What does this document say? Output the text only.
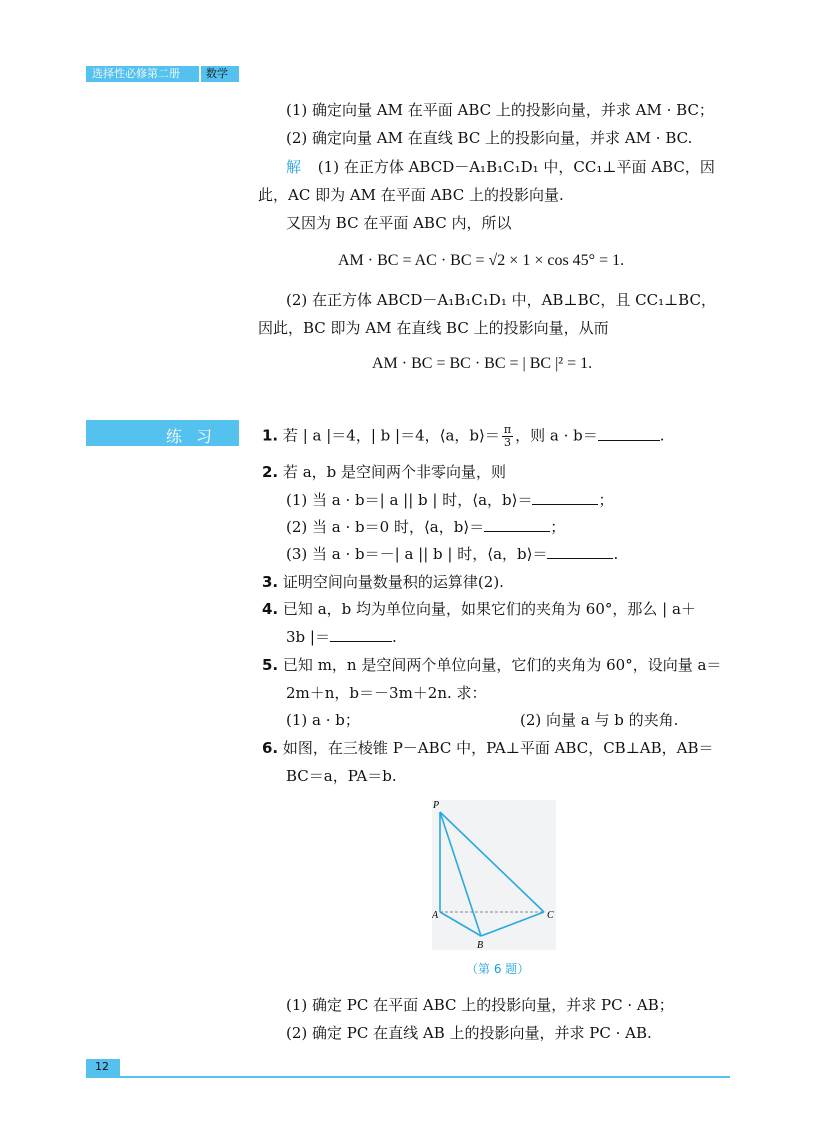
选择性必修第二册 数学
(1) 确定向量 AM 在平面 ABC 上的投影向量，并求 AM · BC；
(2) 确定向量 AM 在直线 BC 上的投影向量，并求 AM · BC.
解 (1) 在正方体 ABCD－A₁B₁C₁D₁ 中，CC₁⊥平面 ABC，因
此，AC 即为 AM 在平面 ABC 上的投影向量.
又因为 BC 在平面 ABC 内，所以
AM · BC = AC · BC = √2 × 1 × cos 45° = 1.
(2) 在正方体 ABCD－A₁B₁C₁D₁ 中，AB⊥BC，且 CC₁⊥BC，
因此，BC 即为 AM 在直线 BC 上的投影向量，从而
AM · BC = BC · BC = | BC |² = 1.
练习 1. 若 | a |＝4，| b |＝4，⟨a，b⟩＝ $\frac{\pi}{3}$ ，则 a · b＝	.
2. 若 a，b 是空间两个非零向量，则
(1) 当 a · b＝| a || b | 时，⟨a，b⟩＝	；
(2) 当 a · b＝0 时，⟨a，b⟩＝	；
(3) 当 a · b＝－| a || b | 时，⟨a，b⟩＝	.
3. 证明空间向量数量积的运算律(2).
4. 已知 a，b 均为单位向量，如果它们的夹角为 60°，那么 | a＋
3b |＝	.
5. 已知 m，n 是空间两个单位向量，它们的夹角为 60°，设向量 a＝
2m＋n，b＝－3m＋2n. 求：
(1) a · b；	(2) 向量 a 与 b 的夹角.
6. 如图，在三棱锥 P－ABC 中，PA⊥平面 ABC，CB⊥AB，AB＝
BC＝a，PA＝b.
P
A
B
C
（第 6 题）
(1) 确定 PC 在平面 ABC 上的投影向量，并求 PC · AB；
(2) 确定 PC 在直线 AB 上的投影向量，并求 PC · AB.
12
